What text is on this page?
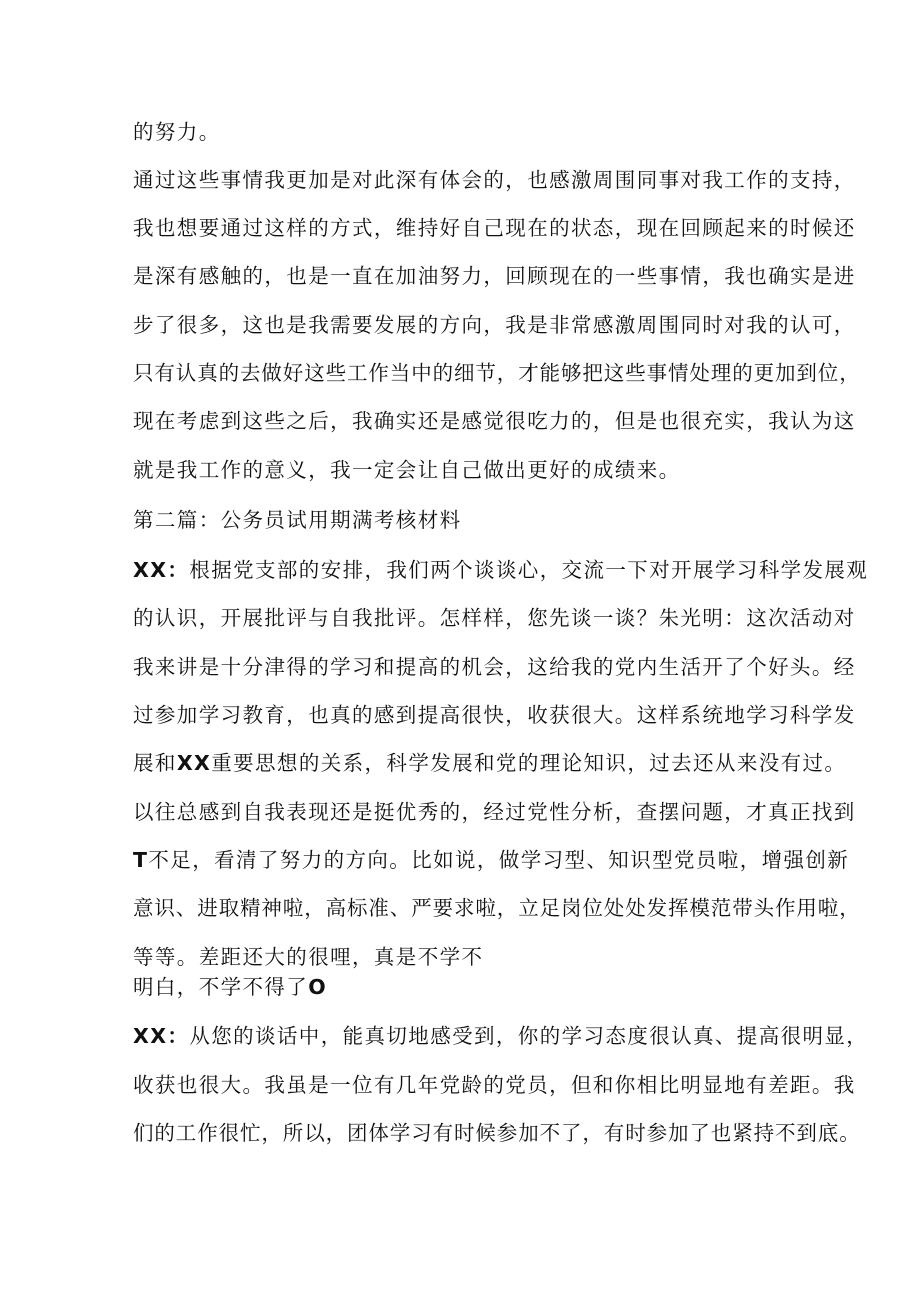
的努力。
通过这些事情我更加是对此深有体会的，也感激周围同事对我工作的支持，
我也想要通过这样的方式，维持好自己现在的状态，现在回顾起来的时候还
是深有感触的，也是一直在加油努力，回顾现在的一些事情，我也确实是进
步了很多，这也是我需要发展的方向，我是非常感激周围同时对我的认可，
只有认真的去做好这些工作当中的细节，才能够把这些事情处理的更加到位，
现在考虑到这些之后，我确实还是感觉很吃力的，但是也很充实，我认为这
就是我工作的意义，我一定会让自己做出更好的成绩来。
第二篇：公务员试用期满考核材料
XX：根据党支部的安排，我们两个谈谈心，交流一下对开展学习科学发展观
的认识，开展批评与自我批评。怎样样，您先谈一谈？朱光明：这次活动对
我来讲是十分津得的学习和提高的机会，这给我的党内生活开了个好头。经
过参加学习教育，也真的感到提高很快，收获很大。这样系统地学习科学发
展和XX重要思想的关系，科学发展和党的理论知识，过去还从来没有过。
以往总感到自我表现还是挺优秀的，经过党性分析，查摆问题，才真正找到
T不足，看清了努力的方向。比如说，做学习型、知识型党员啦，增强创新
意识、进取精神啦，高标准、严要求啦，立足岗位处处发挥模范带头作用啦，
等等。差距还大的很哩，真是不学不
明白，不学不得了O
XX：从您的谈话中，能真切地感受到，你的学习态度很认真、提高很明显，
收获也很大。我虽是一位有几年党龄的党员，但和你相比明显地有差距。我
们的工作很忙，所以，团体学习有时候参加不了，有时参加了也紧持不到底。
